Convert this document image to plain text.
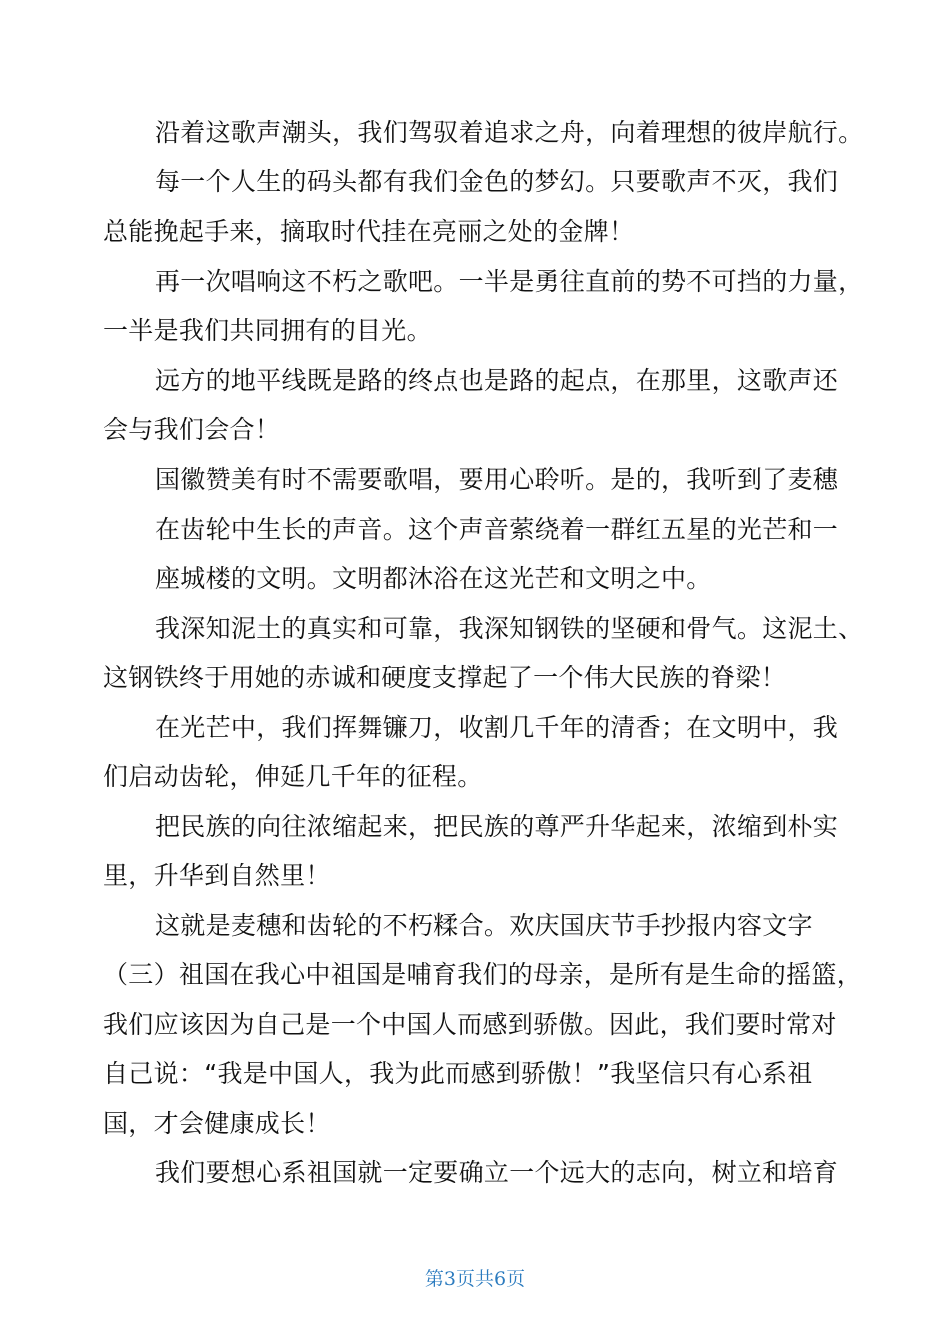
沿着这歌声潮头，我们驾驭着追求之舟，向着理想的彼岸航行。
每一个人生的码头都有我们金色的梦幻。只要歌声不灭，我们
总能挽起手来，摘取时代挂在亮丽之处的金牌！
再一次唱响这不朽之歌吧。一半是勇往直前的势不可挡的力量，
一半是我们共同拥有的目光。
远方的地平线既是路的终点也是路的起点，在那里，这歌声还
会与我们会合！
国徽赞美有时不需要歌唱，要用心聆听。是的，我听到了麦穗
在齿轮中生长的声音。这个声音萦绕着一群红五星的光芒和一
座城楼的文明。文明都沐浴在这光芒和文明之中。
我深知泥土的真实和可靠，我深知钢铁的坚硬和骨气。这泥土、
这钢铁终于用她的赤诚和硬度支撑起了一个伟大民族的脊梁！
在光芒中，我们挥舞镰刀，收割几千年的清香；在文明中，我
们启动齿轮，伸延几千年的征程。
把民族的向往浓缩起来，把民族的尊严升华起来，浓缩到朴实
里，升华到自然里！
这就是麦穗和齿轮的不朽糅合。欢庆国庆节手抄报内容文字
（三）祖国在我心中祖国是哺育我们的母亲，是所有是生命的摇篮，
我们应该因为自己是一个中国人而感到骄傲。因此，我们要时常对
自己说：“我是中国人，我为此而感到骄傲！”我坚信只有心系祖
国，才会健康成长！
我们要想心系祖国就一定要确立一个远大的志向，树立和培育
第3页共6页
